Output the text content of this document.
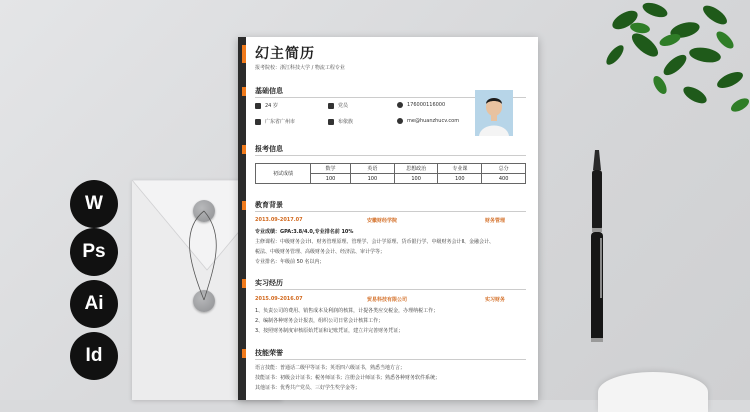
W
Ps
Ai
Id
幻主简历
报考院校：浙江科技大学 / 物流工程专业
基础信息
24 岁	党员	176000116000
广东省广州市	布依族	me@huanzhucv.com
报考信息
初试成绩	数学	英语	思想政治	专业课	总分
	100	100	100	100	400
教育背景
2013.09-2017.07	安徽财经学院	财务管理
专业成绩：GPA:3.8/4.0,专业排名前 10%
主修课程：中级财务会计Ⅰ、财务管理原理、管理学、会计学原理、货币银行学、中级财务会计Ⅱ、金融会计、
税法、中级财务管理、高级财务会计、经济法、审计学等；
专业排名：年级前 50 名以内；
实习经历
2015.09-2016.07	贸易科技有限公司	实习财务
1、负责公司的费用、销售成本及利润的核算，计提各类应交税金，办理纳税工作；
2、编制各种财务会计报表，组织公司日常会计核算工作；
3、按照财务制度审核原始凭证和记账凭证，建立并完善财务凭证；
技能荣誉
语言技能：普通话二级甲等证书；英语四六级证书，熟悉当地方言；
技能证书：初级会计证书；税务师证书；注册会计师证书；熟悉各种财务软件系统；
其他证书：优秀共产党员、三好学生奖学金等；
